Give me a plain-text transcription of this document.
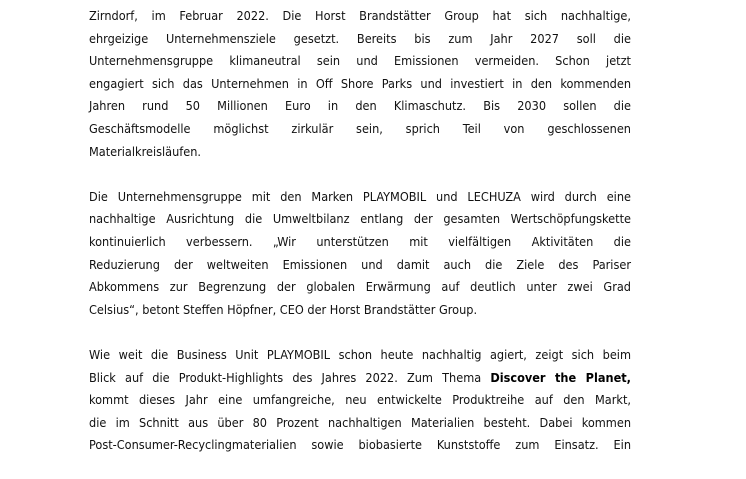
Zirndorf, im Februar 2022. Die Horst Brandstätter Group hat sich nachhaltige,
ehrgeizige Unternehmensziele gesetzt. Bereits bis zum Jahr 2027 soll die
Unternehmensgruppe klimaneutral sein und Emissionen vermeiden. Schon jetzt
engagiert sich das Unternehmen in Off Shore Parks und investiert in den kommenden
Jahren rund 50 Millionen Euro in den Klimaschutz. Bis 2030 sollen die
Geschäftsmodelle möglichst zirkulär sein, sprich Teil von geschlossenen
Materialkreisläufen.

Die Unternehmensgruppe mit den Marken PLAYMOBIL und LECHUZA wird durch eine
nachhaltige Ausrichtung die Umweltbilanz entlang der gesamten Wertschöpfungskette
kontinuierlich verbessern. „Wir unterstützen mit vielfältigen Aktivitäten die
Reduzierung der weltweiten Emissionen und damit auch die Ziele des Pariser
Abkommens zur Begrenzung der globalen Erwärmung auf deutlich unter zwei Grad
Celsius“, betont Steffen Höpfner, CEO der Horst Brandstätter Group.

Wie weit die Business Unit PLAYMOBIL schon heute nachhaltig agiert, zeigt sich beim
Blick auf die Produkt-Highlights des Jahres 2022. Zum Thema Discover the Planet,
kommt dieses Jahr eine umfangreiche, neu entwickelte Produktreihe auf den Markt,
die im Schnitt aus über 80 Prozent nachhaltigen Materialien besteht. Dabei kommen
Post-Consumer-Recyclingmaterialien sowie biobasierte Kunststoffe zum Einsatz. Ein
